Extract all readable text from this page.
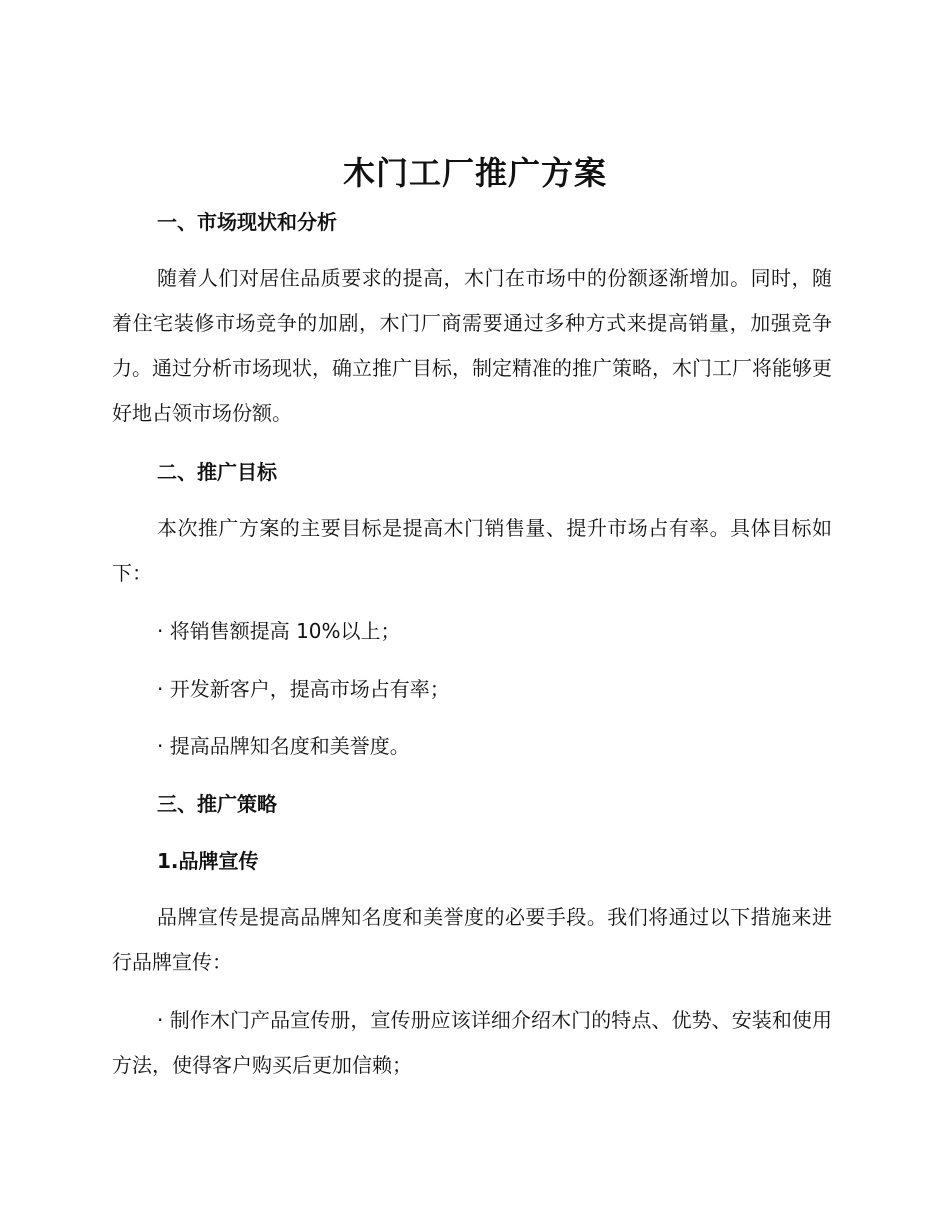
木门工厂推广方案
一、市场现状和分析
随着人们对居住品质要求的提高，木门在市场中的份额逐渐增加。同时，随着住宅装修市场竞争的加剧，木门厂商需要通过多种方式来提高销量，加强竞争力。通过分析市场现状，确立推广目标，制定精准的推广策略，木门工厂将能够更好地占领市场份额。
二、推广目标
本次推广方案的主要目标是提高木门销售量、提升市场占有率。具体目标如下：
· 将销售额提高 10%以上；
· 开发新客户，提高市场占有率；
· 提高品牌知名度和美誉度。
三、推广策略
1.品牌宣传
品牌宣传是提高品牌知名度和美誉度的必要手段。我们将通过以下措施来进行品牌宣传：
· 制作木门产品宣传册，宣传册应该详细介绍木门的特点、优势、安装和使用方法，使得客户购买后更加信赖；
